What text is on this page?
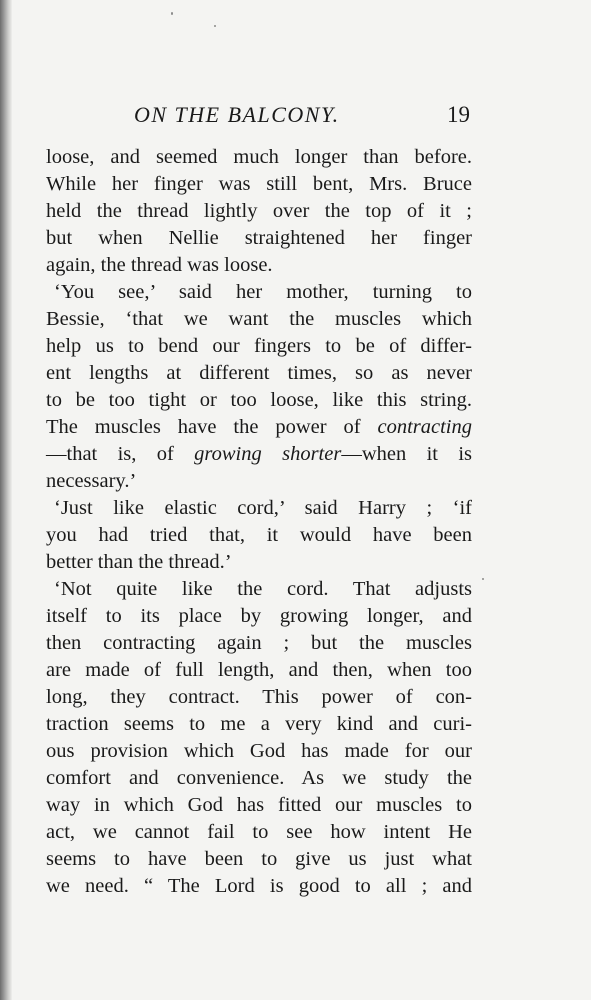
ON THE BALCONY.	19
loose, and seemed much longer than before.
While her finger was still bent, Mrs. Bruce
held the thread lightly over the top of it ;
but when Nellie straightened her finger
again, the thread was loose.
‘You see,’ said her mother, turning to
Bessie, ‘that we want the muscles which
help us to bend our fingers to be of differ-
ent lengths at different times, so as never
to be too tight or too loose, like this string.
The muscles have the power of contracting
—that is, of growing shorter—when it is
necessary.’
‘Just like elastic cord,’ said Harry ; ‘if
you had tried that, it would have been
better than the thread.’
‘Not quite like the cord. That adjusts
itself to its place by growing longer, and
then contracting again ; but the muscles
are made of full length, and then, when too
long, they contract. This power of con-
traction seems to me a very kind and curi-
ous provision which God has made for our
comfort and convenience. As we study the
way in which God has fitted our muscles to
act, we cannot fail to see how intent He
seems to have been to give us just what
we need. “ The Lord is good to all ; and
